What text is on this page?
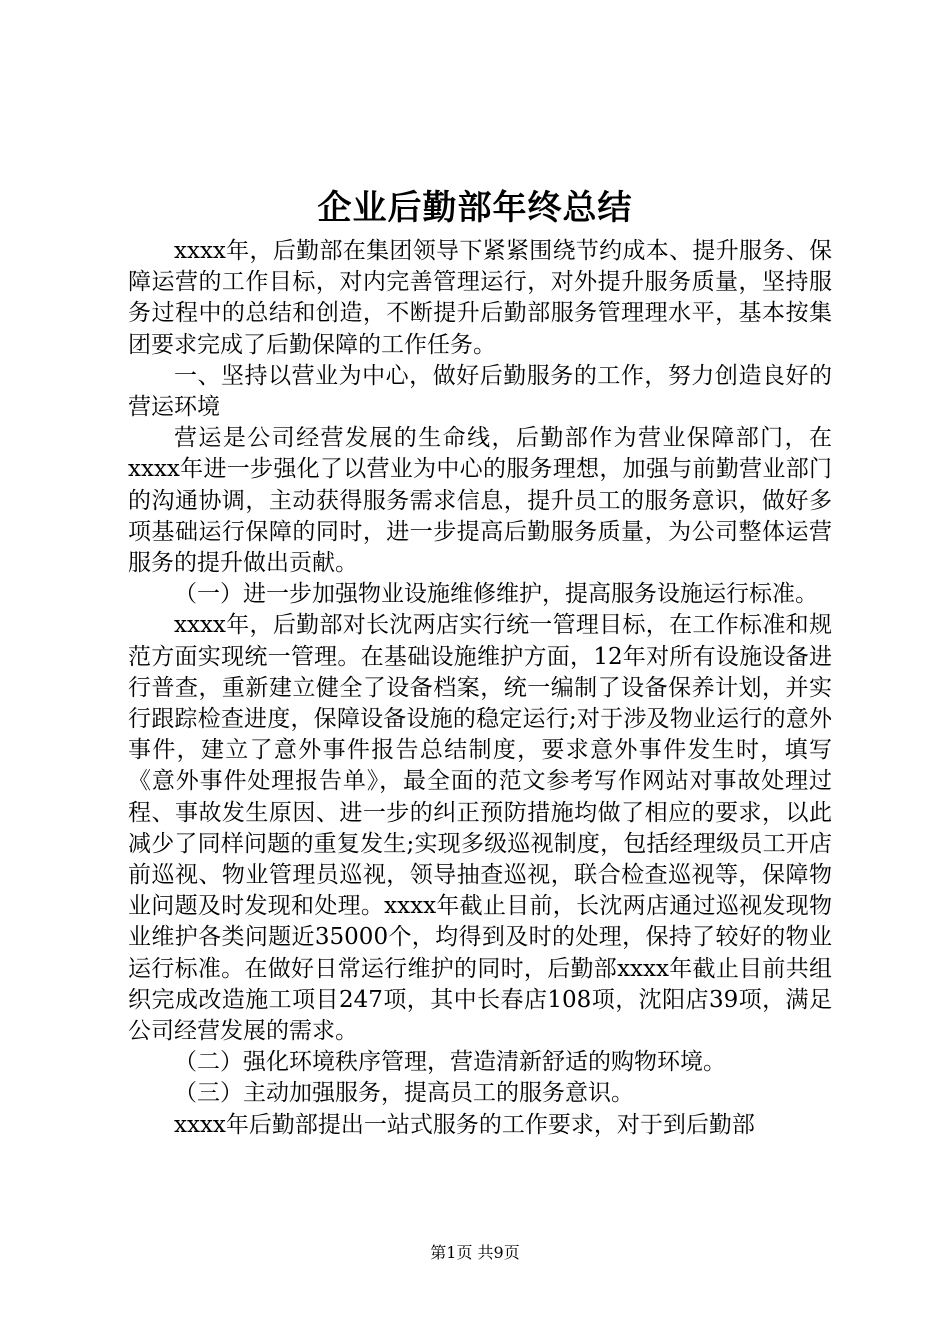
企业后勤部年终总结

xxxx年，后勤部在集团领导下紧紧围绕节约成本、提升服务、保障运营的工作目标，对内完善管理运行，对外提升服务质量，坚持服务过程中的总结和创造，不断提升后勤部服务管理理水平，基本按集团要求完成了后勤保障的工作任务。

一、坚持以营业为中心，做好后勤服务的工作，努力创造良好的营运环境

营运是公司经营发展的生命线，后勤部作为营业保障部门，在xxxx年进一步强化了以营业为中心的服务理想，加强与前勤营业部门的沟通协调，主动获得服务需求信息，提升员工的服务意识，做好多项基础运行保障的同时，进一步提高后勤服务质量，为公司整体运营服务的提升做出贡献。

（一）进一步加强物业设施维修维护，提高服务设施运行标准。

xxxx年，后勤部对长沈两店实行统一管理目标，在工作标准和规范方面实现统一管理。在基础设施维护方面，12年对所有设施设备进行普查，重新建立健全了设备档案，统一编制了设备保养计划，并实行跟踪检查进度，保障设备设施的稳定运行;对于涉及物业运行的意外事件，建立了意外事件报告总结制度，要求意外事件发生时，填写《意外事件处理报告单》，最全面的范文参考写作网站对事故处理过程、事故发生原因、进一步的纠正预防措施均做了相应的要求，以此减少了同样问题的重复发生;实现多级巡视制度，包括经理级员工开店前巡视、物业管理员巡视，领导抽查巡视，联合检查巡视等，保障物业问题及时发现和处理。xxxx年截止目前，长沈两店通过巡视发现物业维护各类问题近35000个，均得到及时的处理，保持了较好的物业运行标准。在做好日常运行维护的同时，后勤部xxxx年截止目前共组织完成改造施工项目247项，其中长春店108项，沈阳店39项，满足公司经营发展的需求。

（二）强化环境秩序管理，营造清新舒适的购物环境。

（三）主动加强服务，提高员工的服务意识。

xxxx年后勤部提出一站式服务的工作要求，对于到后勤部

第1页 共9页
